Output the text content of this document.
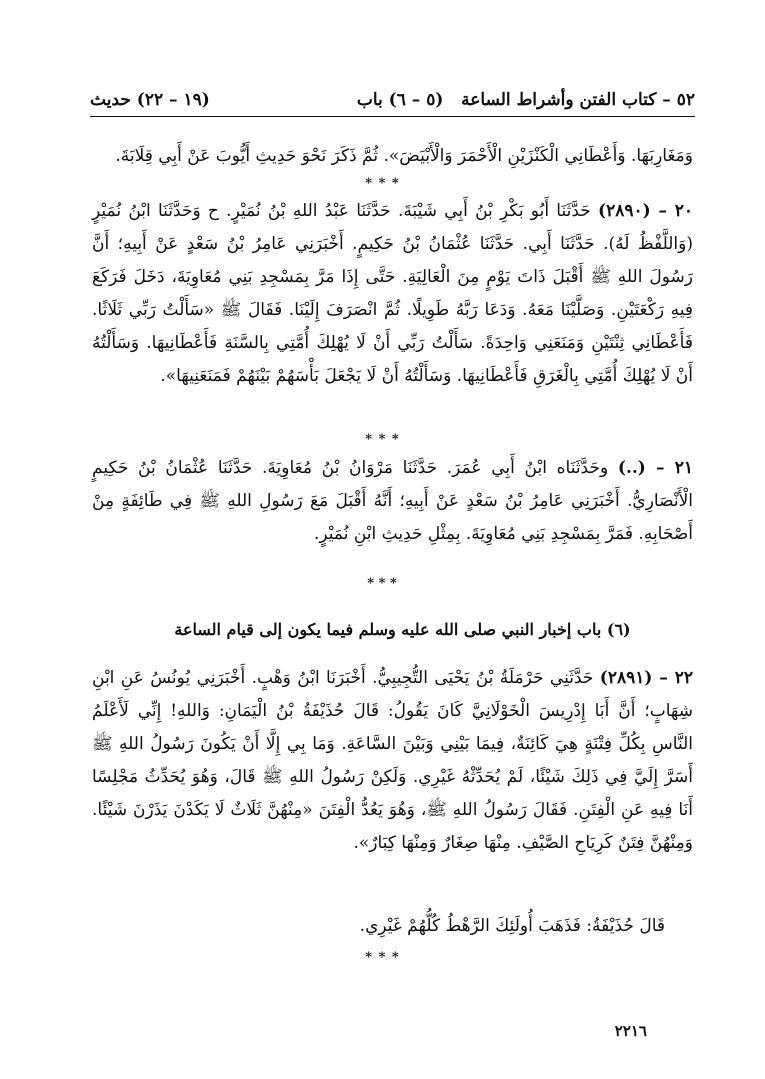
(١٩ – ٢٢) حديث	٥٢ – كتاب الفتن وأشراط الساعة   (٥ – ٦) باب
وَمَغَارِبَهَا. وَأَعْطَانِي الْكَنْزَيْنِ الْأَحْمَرَ وَالْأَبْيَضَ». ثُمَّ ذَكَرَ نَحْوَ حَدِيثِ أَيُّوبَ عَنْ أَبِي قِلَابَةَ.
* * *
٢٠ – (٢٨٩٠) حَدَّثَنَا أَبُو بَكْرِ بْنُ أَبِي شَيْبَةَ. حَدَّثَنَا عَبْدُ اللهِ بْنُ نُمَيْرٍ. ح وَحَدَّثَنَا ابْنُ نُمَيْرٍ (وَاللَّفْظُ لَهُ). حَدَّثَنَا أَبِي. حَدَّثَنَا عُثْمَانُ بْنُ حَكِيمٍ. أَخْبَرَنِي عَامِرُ بْنُ سَعْدٍ عَنْ أَبِيهِ؛ أَنَّ رَسُولَ اللهِ ﷺ أَقْبَلَ ذَاتَ يَوْمٍ مِنَ الْعَالِيَةِ. حَتَّى إِذَا مَرَّ بِمَسْجِدِ بَنِي مُعَاوِيَةَ، دَخَلَ فَرَكَعَ فِيهِ رَكْعَتَيْنِ. وَصَلَّيْنَا مَعَهُ. وَدَعَا رَبَّهُ طَوِيلًا. ثُمَّ انْصَرَفَ إِلَيْنَا. فَقَالَ ﷺ «سَأَلْتُ رَبِّي ثَلَاثًا. فَأَعْطَانِي ثِنْتَيْنِ وَمَنَعَنِي وَاحِدَةً. سَأَلْتُ رَبِّي أَنْ لَا يُهْلِكَ أُمَّتِي بِالسَّنَةِ فَأَعْطَانِيهَا. وَسَأَلْتُهُ أَنْ لَا يُهْلِكَ أُمَّتِي بِالْغَرَقِ فَأَعْطَانِيهَا. وَسَأَلْتُهُ أَنْ لَا يَجْعَلَ بَأْسَهُمْ بَيْنَهُمْ فَمَنَعَنِيهَا».
* * *
٢١ – (..) وحَدَّثَنَاه ابْنُ أَبِي عُمَرَ. حَدَّثَنَا مَرْوَانُ بْنُ مُعَاوِيَةَ. حَدَّثَنَا عُثْمَانُ بْنُ حَكِيمٍ الْأَنْصَارِيُّ. أَخْبَرَنِي عَامِرُ بْنُ سَعْدٍ عَنْ أَبِيهِ؛ أَنَّهُ أَقْبَلَ مَعَ رَسُولِ اللهِ ﷺ فِي طَائِفَةٍ مِنْ أَصْحَابِهِ. فَمَرَّ بِمَسْجِدِ بَنِي مُعَاوِيَةَ. بِمِثْلِ حَدِيثِ ابْنِ نُمَيْرٍ.
* * *
(٦) باب إخبار النبي صلى الله عليه وسلم فيما يكون إلى قيام الساعة
٢٢ – (٢٨٩١) حَدَّثَنِي حَرْمَلَةُ بْنُ يَحْيَى التُّجِيبِيُّ. أَخْبَرَنَا ابْنُ وَهْبٍ. أَخْبَرَنِي يُونُسُ عَنِ ابْنِ شِهَابٍ؛ أَنَّ أَبَا إِدْرِيسَ الْخَوْلَانِيَّ كَانَ يَقُولُ: قَالَ حُذَيْفَةُ بْنُ الْيَمَانِ: وَاللهِ! إِنِّي لَأَعْلَمُ النَّاسِ بِكُلِّ فِتْنَةٍ هِيَ كَائِنَةٌ، فِيمَا بَيْنِي وَبَيْنَ السَّاعَةِ. وَمَا بِي إِلَّا أَنْ يَكُونَ رَسُولُ اللهِ ﷺ أَسَرَّ إِلَيَّ فِي ذَلِكَ شَيْئًا، لَمْ يُحَدِّثْهُ غَيْرِي. وَلَكِنْ رَسُولُ اللهِ ﷺ قَالَ، وَهُوَ يُحَدِّثُ مَجْلِسًا أَنَا فِيهِ عَنِ الْفِتَنِ. فَقَالَ رَسُولُ اللهِ ﷺ، وَهُوَ يَعُدُّ الْفِتَنَ «مِنْهُنَّ ثَلَاثٌ لَا يَكَدْنَ يَذَرْنَ شَيْئًا. وَمِنْهُنَّ فِتَنٌ كَرِيَاحِ الصَّيْفِ. مِنْهَا صِغَارٌ وَمِنْهَا كِبَارٌ».
قَالَ حُذَيْفَةُ: فَذَهَبَ أُولَئِكَ الرَّهْطُ كُلُّهُمْ غَيْرِي.
* * *
٢٢١٦
